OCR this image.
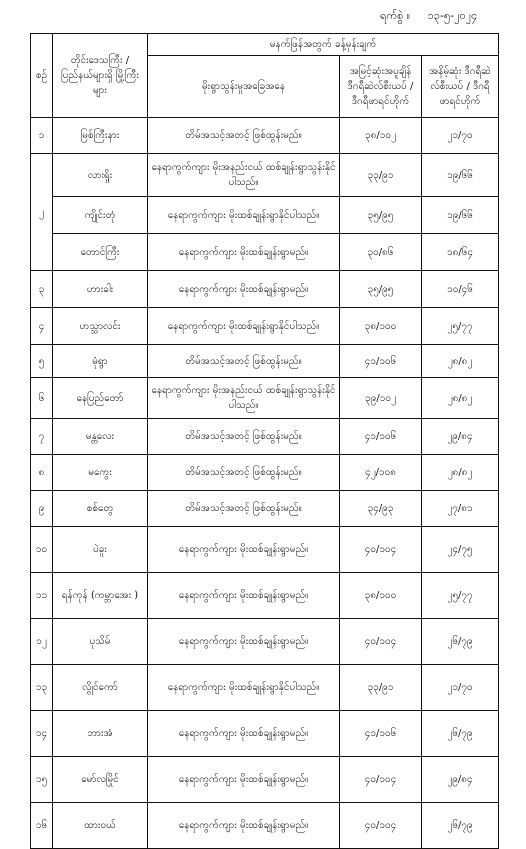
ရက်စွဲ ။ ၁၃-၅-၂၀၂၄
စဉ်	တိုင်းဒေသကြီး / ပြည်နယ်များရှိ မြို့ကြီးများ	မနက်ဖြန်အတွက် ခန့်မှန်းချက်		
		မိုးရွာသွန်းမှုအခြေအနေ	အမြင့်ဆုံးအပူချိန် ဒီဂရီဆဲလ်စီးယပ် /ဒီဂရီဖာရင်ဟိုက်	အနိမ့်ဆုံး ဒီဂရီဆဲလ်စီးယပ် / ဒီဂရီဖာရင်ဟိုက်
၁	မြစ်ကြီးနား	တိမ်အသင့်အတင့် ဖြစ်ထွန်းမည်။	၃၈/၁၀၂	၂၁/၇၀
၂	လားရှိုး	နေရာကွက်ကျား မိုးအနည်းငယ် ထစ်ချုန်းရွာသွန်းနိုင်ပါသည်။	၃၃/၉၁	၁၉/၆၆
	ကျိုင်းတုံ	နေရာကွက်ကျား မိုးထစ်ချုန်းရွာနိုင်ပါသည်။	၃၅/၉၅	၁၉/၆၆
	တောင်ကြီး	နေရာကွက်ကျား မိုးထစ်ချုန်းရွာမည်။	၃၀/၈၆	၁၈/၆၄
၃	ဟားခါး	နေရာကွက်ကျား မိုးထစ်ချုန်းရွာမည်။	၃၅/၉၅	၁၀/၄၆
၄	ဟသ္သာလင်း	နေရာကွက်ကျား မိုးထစ်ချုန်းရွာနိုင်ပါသည်။	၃၈/၁၀၀	၂၅/၇၇
၅	မုံရွာ	တိမ်အသင့်အတင့် ဖြစ်ထွန်းမည်။	၄၁/၁၀၆	၂၈/၈၂
၆	နေပြည်တော်	နေရာကွက်ကျား မိုးအနည်းငယ် ထစ်ချုန်းရွာသွန်းနိုင်ပါသည်။	၃၉/၁၀၂	၂၈/၈၂
၇	မန္တလေး	တိမ်အသင့်အတင့် ဖြစ်ထွန်းမည်။	၄၁/၁၀၆	၂၉/၈၄
၈	မကွေး	တိမ်အသင့်အတင့် ဖြစ်ထွန်းမည်။	၄၂/၁၀၈	၂၈/၈၂
၉	စစ်တွေ	တိမ်အသင့်အတင့် ဖြစ်ထွန်းမည်။	၃၄/၉၃	၂၇/၈၁
၁၀	ပဲခူး	နေရာကွက်ကျား မိုးထစ်ချုန်းရွာမည်။	၄၀/၁၀၄	၂၄/၇၅
၁၁	ရန်ကုန် (ကမ္ဘာအေး )	နေရာကွက်ကျား မိုးထစ်ချုန်းရွာမည်။	၃၈/၁၀၀	၂၅/၇၇
၁၂	ပုသိမ်	နေရာကွက်ကျား မိုးထစ်ချုန်းရွာမည်။	၄၀/၁၀၄	၂၆/၇၉
၁၃	လွိုင်ကော်	နေရာကွက်ကျား မိုးထစ်ချုန်းရွာနိုင်ပါသည်။	၃၃/၉၁	၂၁/၇၀
၁၄	ဘားအံ	နေရာကွက်ကျား မိုးထစ်ချုန်းရွာမည်။	၄၁/၁၀၆	၂၆/၇၉
၁၅	မော်လမြိုင်	နေရာကွက်ကျား မိုးထစ်ချုန်းရွာမည်။	၄၀/၁၀၄	၂၉/၈၄
၁၆	ထားဝယ်	နေရာကွက်ကျား မိုးထစ်ချုန်းရွာမည်။	၄၀/၁၀၄	၂၆/၇၉
